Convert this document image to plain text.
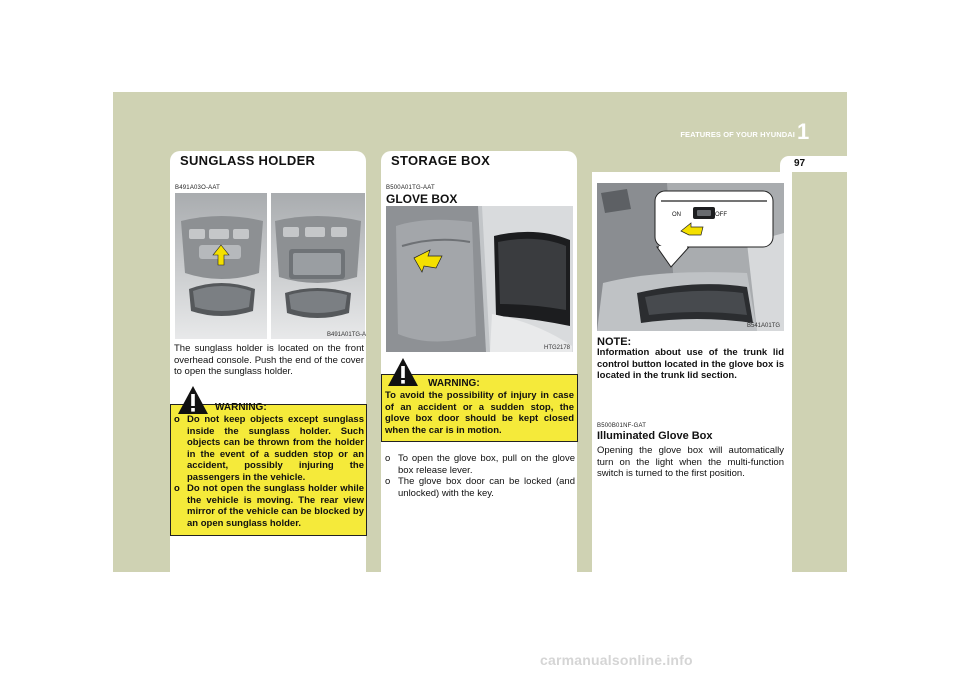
FEATURES OF YOUR HYUNDAI 1
97
SUNGLASS HOLDER
B491A03O-AAT
B491A01TG-A
The sunglass holder is located on the front overhead console. Push the end of the cover to open the sunglass holder.
WARNING:
o Do not keep objects except sunglass inside the sunglass holder. Such objects can be thrown from the holder in the event of a sudden stop or an accident, possibly injuring the passengers in the vehicle.
o Do not open the sunglass holder while the vehicle is moving. The rear view mirror of the vehicle can be blocked by an open sunglass holder.
STORAGE BOX
B500A01TG-AAT
GLOVE BOX
HTG2178
WARNING:
To avoid the possibility of injury in case of an accident or a sudden stop, the glove box door should be kept closed when the car is in motion.
o To open the glove box, pull on the glove box release lever.
o The glove box door can be locked (and unlocked) with the key.
ON	OFF
B541A01TG
NOTE:
Information about use of the trunk lid control button located in the glove box is located in the trunk lid section.
B500B01NF-GAT
Illuminated Glove Box
Opening the glove box will automatically turn on the light when the multi-function switch is turned to the first position.
carmanualsonline.info
